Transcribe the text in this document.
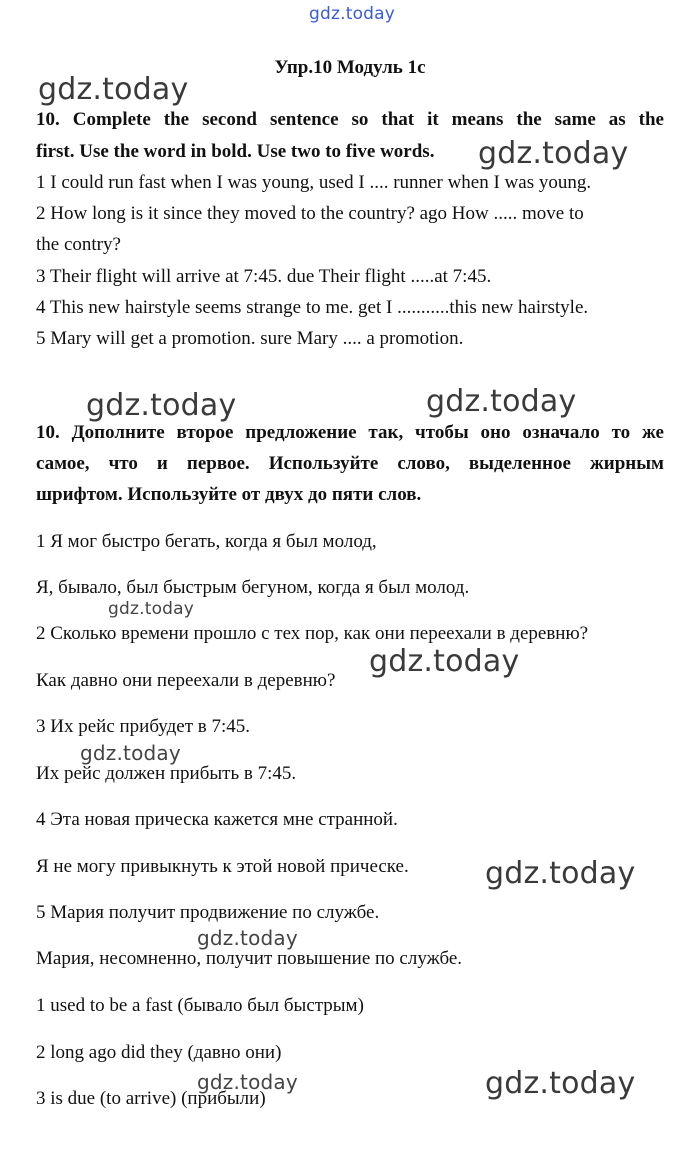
gdz.today
Упр.10 Модуль 1с
10. Complete the second sentence so that it means the same as the
first. Use the word in bold. Use two to five words.
1 I could run fast when I was young, used I .... runner when I was young.
2 How long is it since they moved to the country? ago How ..... move to
the contry?
3 Their flight will arrive at 7:45. due Their flight .....at 7:45.
4 This new hairstyle seems strange to me. get I ...........this new hairstyle.
5 Mary will get a promotion. sure Mary .... a promotion.
10. Дополните второе предложение так, чтобы оно означало то же
самое, что и первое. Используйте слово, выделенное жирным
шрифтом. Используйте от двух до пяти слов.
1 Я мог быстро бегать, когда я был молод,
Я, бывало, был быстрым бегуном, когда я был молод.
2 Сколько времени прошло с тех пор, как они переехали в деревню?
Как давно они переехали в деревню?
3 Их рейс прибудет в 7:45.
Их рейс должен прибыть в 7:45.
4 Эта новая прическа кажется мне странной.
Я не могу привыкнуть к этой новой прическе.
5 Мария получит продвижение по службе.
Мария, несомненно, получит повышение по службе.
1 used to be a fast (бывало был быстрым)
2 long ago did they (давно они)
3 is due (to arrive) (прибыли)
gdz.today
gdz.today
gdz.today	gdz.today
gdz.today
gdz.today
gdz.today
gdz.today
gdz.today
gdz.today	gdz.today
